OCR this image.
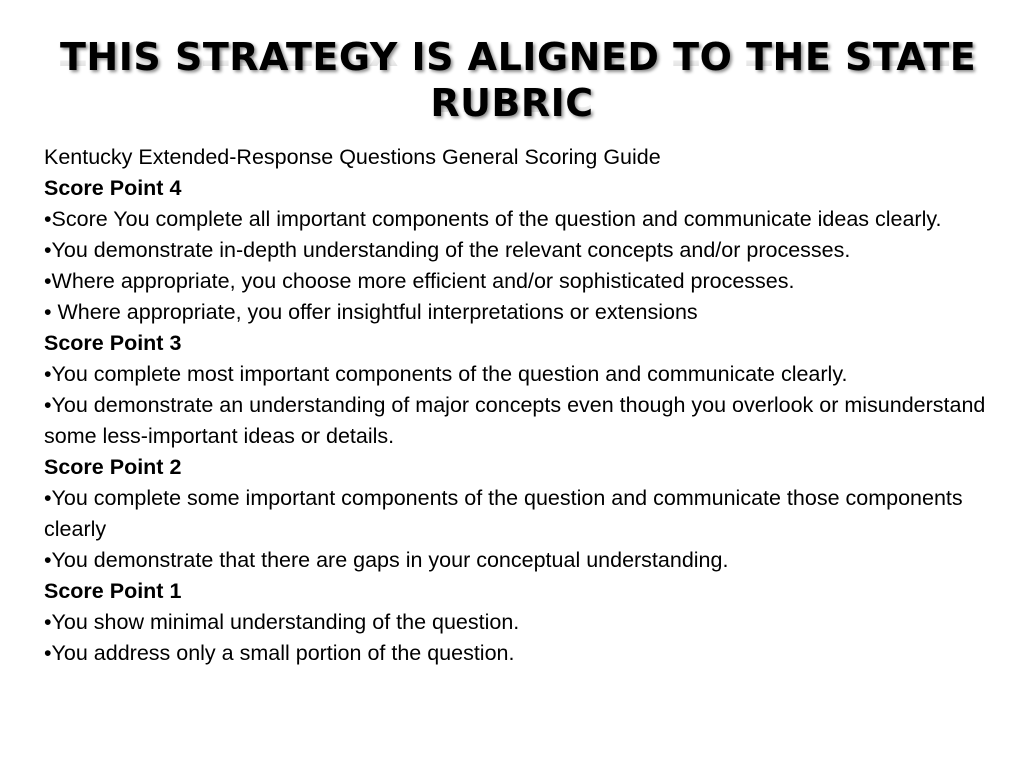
THIS STRATEGY IS ALIGNED TO THE STATE THIS STRATEGY IS ALIGNED TO THE STATE
RUBRIC RUBRIC

Kentucky Extended-Response Questions General Scoring Guide

Score Point 4

•Score You complete all important components of the question and communicate ideas clearly.

•You demonstrate in-depth understanding of the relevant concepts and/or processes.

•Where appropriate, you choose more efficient and/or sophisticated processes.

• Where appropriate, you offer insightful interpretations or extensions

Score Point 3

•You complete most important components of the question and communicate clearly.

•You demonstrate an understanding of major concepts even though you overlook or misunderstand some less-important ideas or details.

Score Point 2

•You complete some important components of the question and communicate those components clearly

•You demonstrate that there are gaps in your conceptual understanding.

Score Point 1

•You show minimal understanding of the question.

•You address only a small portion of the question.
